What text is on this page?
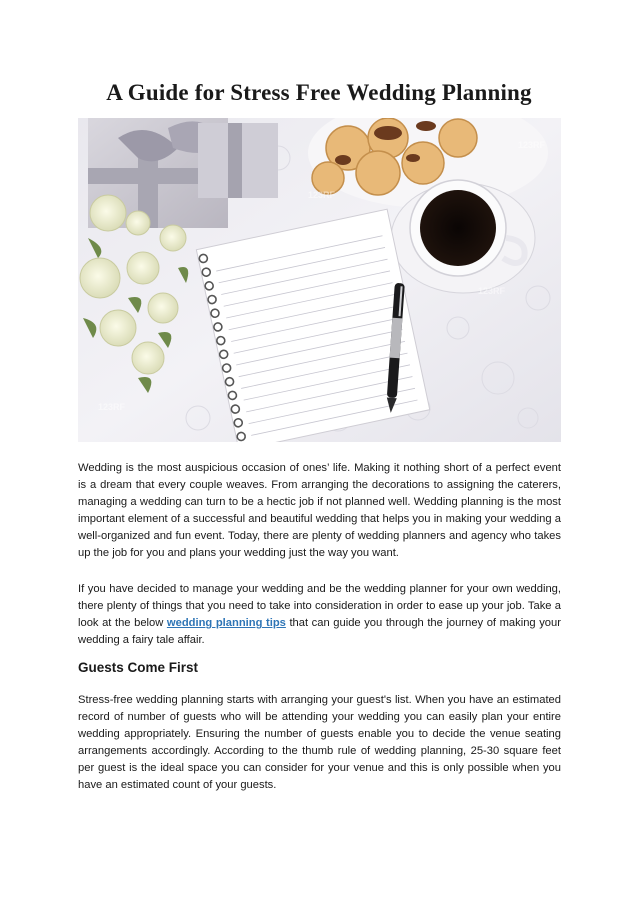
A Guide for Stress Free Wedding Planning
123RF
123RF
123RF
123RF

Wedding is the most auspicious occasion of ones’ life. Making it nothing short of a perfect event is a dream that every couple weaves. From arranging the decorations to assigning the caterers, managing a wedding can turn to be a hectic job if not planned well. Wedding planning is the most important element of a successful and beautiful wedding that helps you in making your wedding a well-organized and fun event. Today, there are plenty of wedding planners and agency who takes up the job for you and plans your wedding just the way you want.

If you have decided to manage your wedding and be the wedding planner for your own wedding, there plenty of things that you need to take into consideration in order to ease up your job. Take a look at the below wedding planning tips that can guide you through the journey of making your wedding a fairy tale affair.

Guests Come First

Stress-free wedding planning starts with arranging your guest's list. When you have an estimated record of number of guests who will be attending your wedding you can easily plan your entire wedding appropriately. Ensuring the number of guests enable you to decide the venue seating arrangements accordingly. According to the thumb rule of wedding planning, 25-30 square feet per guest is the ideal space you can consider for your venue and this is only possible when you have an estimated count of your guests.
